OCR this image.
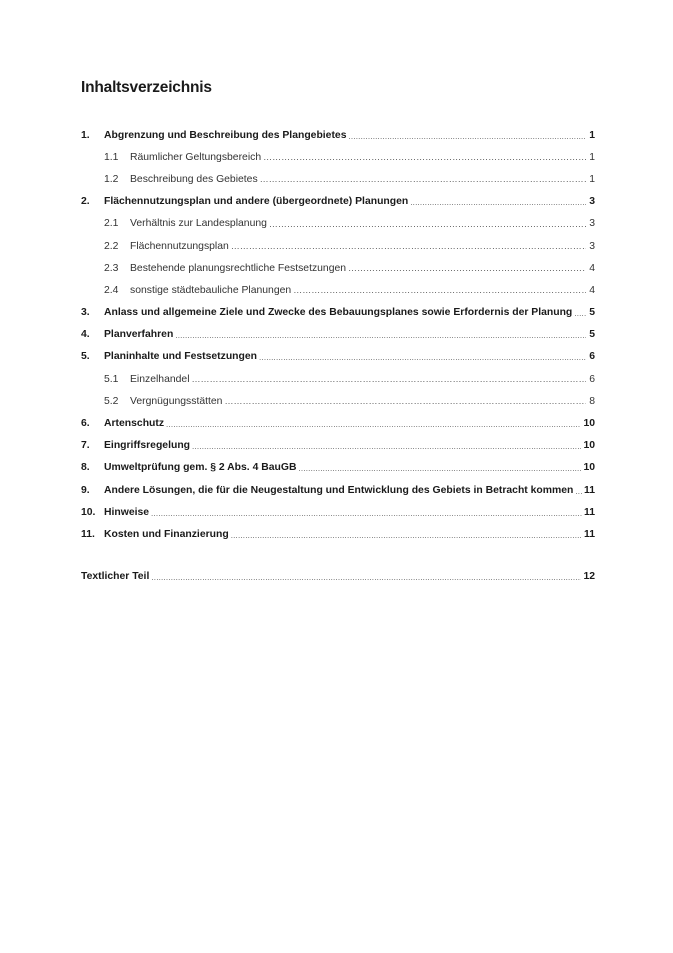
Inhaltsverzeichnis
1.	Abgrenzung und Beschreibung des Plangebietes .....	1
1.1	Räumlicher Geltungsbereich …………………………………………………………………………………………………………………………………………………………	1
1.2	Beschreibung des Gebietes …………………………………………………………………………………………………………………………………………………………	1
2.	Flächennutzungsplan und andere (übergeordnete) Planungen .....	3
2.1	Verhältnis zur Landesplanung …………………………………………………………………………………………………………………………………………………………	3
2.2	Flächennutzungsplan …………………………………………………………………………………………………………………………………………………………	3
2.3	Bestehende planungsrechtliche Festsetzungen …………………………………………………………………………………………………………………………………………………………	4
2.4	sonstige städtebauliche Planungen …………………………………………………………………………………………………………………………………………………………	4
3.	Anlass und allgemeine Ziele und Zwecke des Bebauungsplanes sowie Erfordernis der Planung ..... 5
4.	Planverfahren .....	5
5.	Planinhalte und Festsetzungen .....	6
5.1	Einzelhandel …………………………………………………………………………………………………………………………………………………………	6
5.2	Vergnügungsstätten …………………………………………………………………………………………………………………………………………………………	8
6.	Artenschutz .....	10
7.	Eingriffsregelung .....	10
8.	Umweltprüfung gem. § 2 Abs. 4 BauGB .....	10
9.	Andere Lösungen, die für die Neugestaltung und Entwicklung des Gebiets in Betracht kommen ..... 11
10. Hinweise .....	11
11. Kosten und Finanzierung .....	11
Textlicher Teil .....	12
